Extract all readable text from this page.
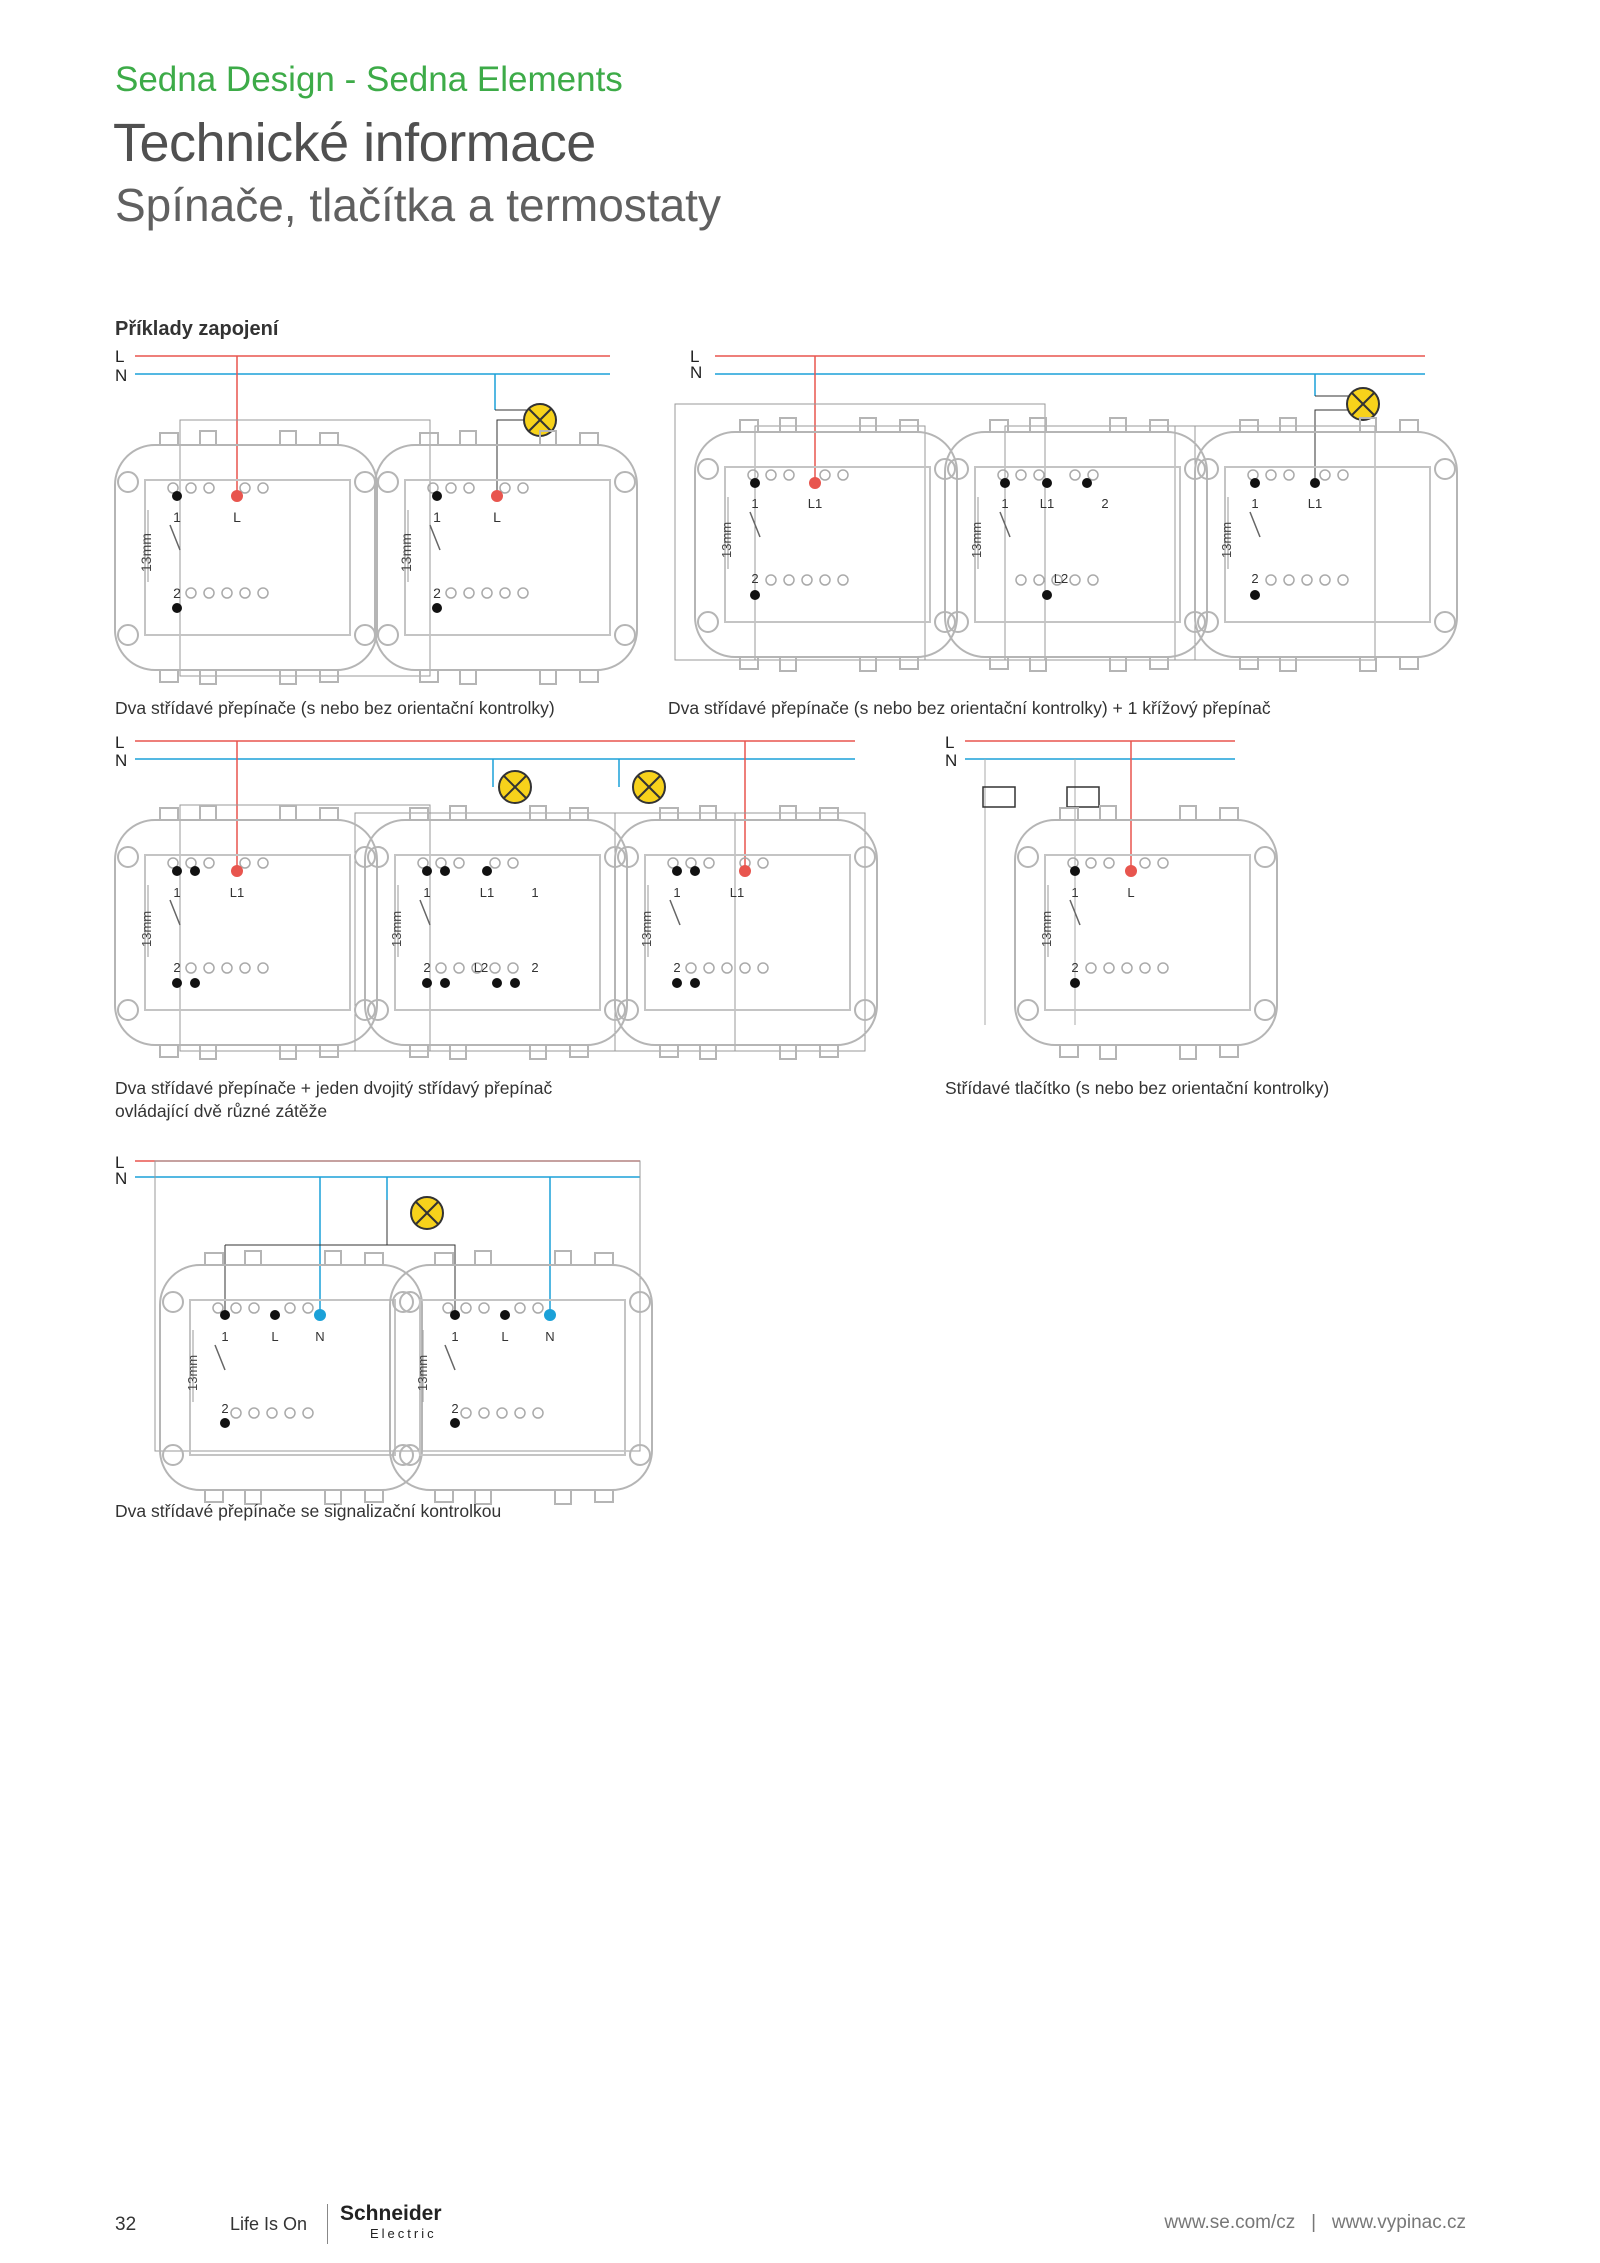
Sedna Design - Sedna Elements
Technické informace
Spínače, tlačítka a termostaty
Příklady zapojení
L
N
L
N
L
N
L
N
L
N
1
2
L	1
2
L
13mm	13mm
1	L1
2
1 L1	2
L2
1	L1
2
13mm	13mm	13mm
1	L1
2
1	L1	1
2	L2	2
1	L1
2
13mm	13mm	13mm
1	L
2
13mm
1	L	N
2
1	L	N
2
13mm	13mm
Dva střídavé přepínače (s nebo bez orientační kontrolky)	Dva střídavé přepínače (s nebo bez orientační kontrolky) + 1 křížový přepínač
Dva střídavé přepínače + jeden dvojitý střídavý přepínač
ovládající dvě různé zátěže
Střídavé tlačítko (s nebo bez orientační kontrolky)
Dva střídavé přepínače se signalizační kontrolkou
32	Life Is On Schneider
Electric
www.se.com/cz   |   www.vypinac.cz
